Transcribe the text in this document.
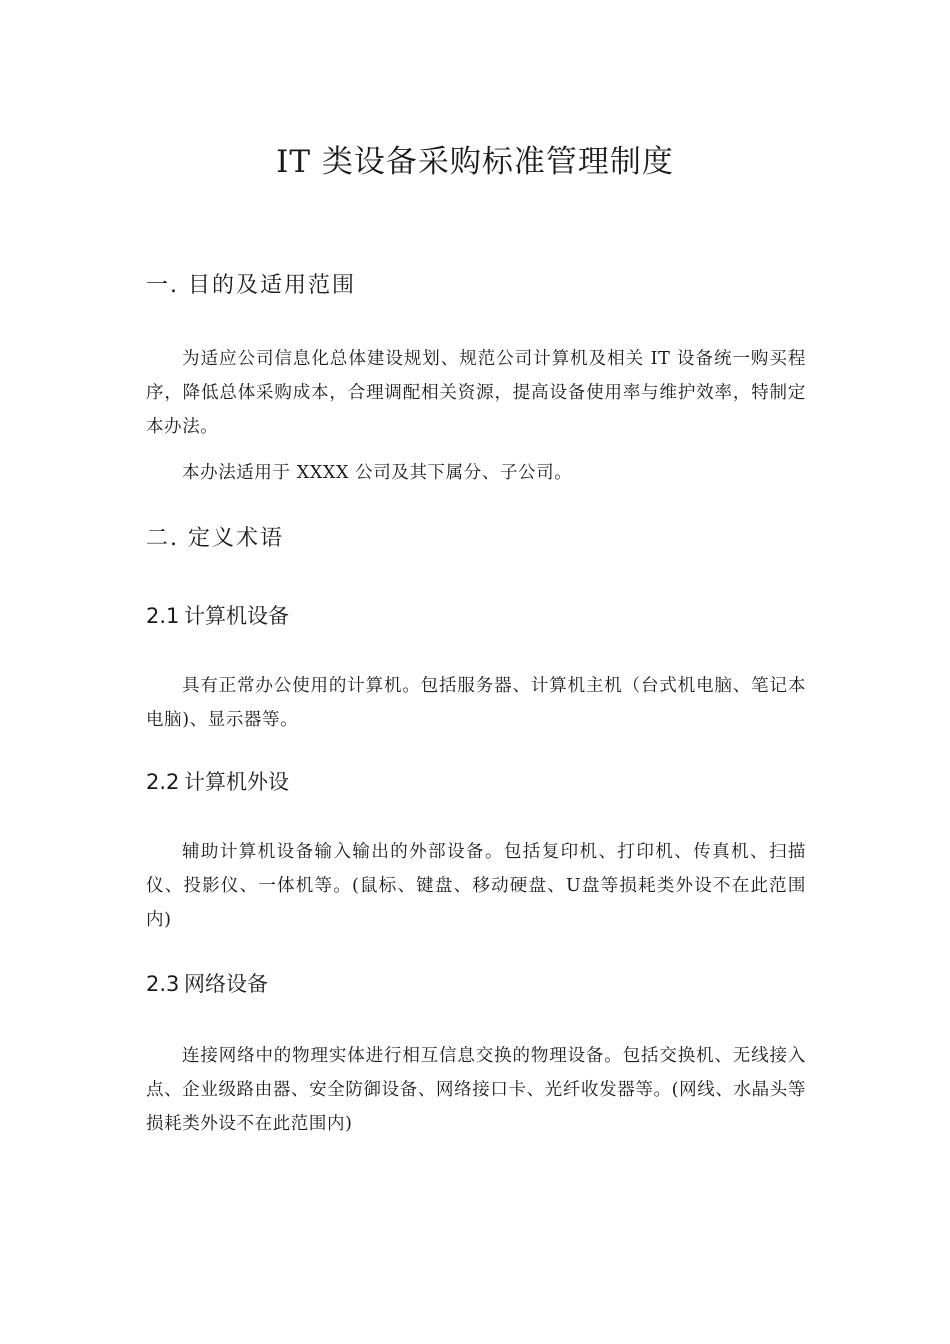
IT 类设备采购标准管理制度
一. 目的及适用范围
为适应公司信息化总体建设规划、规范公司计算机及相关 IT 设备统一购买程序，降低总体采购成本，合理调配相关资源，提高设备使用率与维护效率，特制定本办法。
本办法适用于 XXXX 公司及其下属分、子公司。
二. 定义术语
2.1 计算机设备
具有正常办公使用的计算机。包括服务器、计算机主机（台式机电脑、笔记本电脑)、显示器等。
2.2 计算机外设
辅助计算机设备输入输出的外部设备。包括复印机、打印机、传真机、扫描仪、投影仪、一体机等。(鼠标、键盘、移动硬盘、U盘等损耗类外设不在此范围内)
2.3 网络设备
连接网络中的物理实体进行相互信息交换的物理设备。包括交换机、无线接入点、企业级路由器、安全防御设备、网络接口卡、光纤收发器等。(网线、水晶头等损耗类外设不在此范围内)
